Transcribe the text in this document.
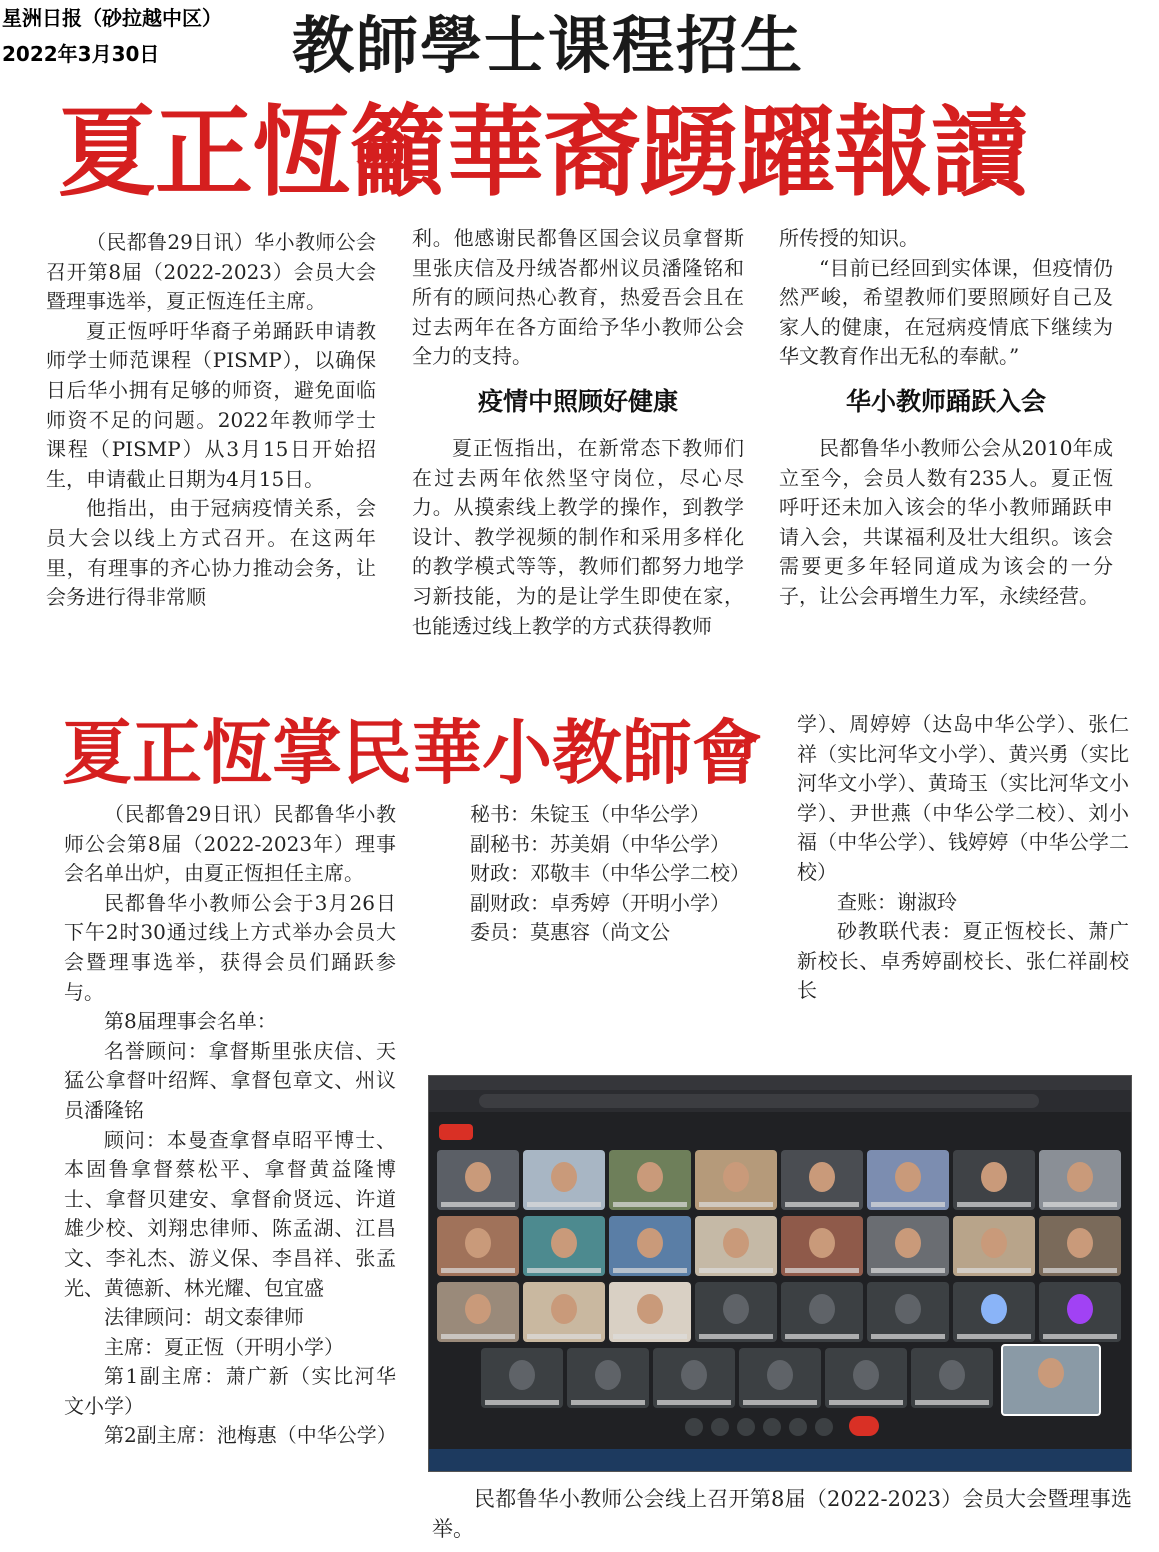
星洲日报（砂拉越中区）
2022年3月30日 教師學士课程招生
夏正恆籲華裔踴躍報讀

（民都鲁29日讯）华小教师公会召开第8届（2022-2023）会员大会暨理事选举，夏正恆连任主席。

夏正恆呼吁华裔子弟踊跃申请教师学士师范课程（PISMP），以确保日后华小拥有足够的师资，避免面临师资不足的问题。2022年教师学士课程（PISMP）从3月15日开始招生，申请截止日期为4月15日。

他指出，由于冠病疫情关系，会员大会以线上方式召开。在这两年里，有理事的齐心协力推动会务，让会务进行得非常顺

利。他感谢民都鲁区国会议员拿督斯里张庆信及丹绒峇都州议员潘隆铭和所有的顾问热心教育，热爱吾会且在过去两年在各方面给予华小教师公会全力的支持。

疫情中照顾好健康

夏正恆指出，在新常态下教师们在过去两年依然坚守岗位，尽心尽力。从摸索线上教学的操作，到教学设计、教学视频的制作和采用多样化的教学模式等等，教师们都努力地学习新技能，为的是让学生即使在家，也能透过线上教学的方式获得教师

所传授的知识。

“目前已经回到实体课，但疫情仍然严峻，希望教师们要照顾好自己及家人的健康，在冠病疫情底下继续为华文教育作出无私的奉献。”

华小教师踊跃入会

民都鲁华小教师公会从2010年成立至今，会员人数有235人。夏正恆呼吁还未加入该会的华小教师踊跃申请入会，共谋福利及壮大组织。该会需要更多年轻同道成为该会的一分子，让公会再增生力军，永续经营。

夏正恆掌民華小教師會

（民都鲁29日讯）民都鲁华小教师公会第8届（2022-2023年）理事会名单出炉，由夏正恆担任主席。

民都鲁华小教师公会于3月26日下午2时30通过线上方式举办会员大会暨理事选举，获得会员们踊跃参与。

第8届理事会名单：

名誉顾问：拿督斯里张庆信、天猛公拿督叶绍辉、拿督包章文、州议员潘隆铭

顾问：本曼查拿督卓昭平博士、本固鲁拿督蔡松平、拿督黄益隆博士、拿督贝建安、拿督俞贤远、许道雄少校、刘翔忠律师、陈孟湖、江昌文、李礼杰、游义保、李昌祥、张孟光、黄德新、林光耀、包宜盛

法律顾问：胡文泰律师

主席：夏正恆（开明小学）

第1副主席：萧广新（实比河华文小学）

第2副主席：池梅惠（中华公学）

秘书：朱锭玉（中华公学）

副秘书：苏美娟（中华公学）

财政：邓敬丰（中华公学二校）

副财政：卓秀婷（开明小学）

委员：莫惠容（尚文公

学）、周婷婷（达岛中华公学）、张仁祥（实比河华文小学）、黄兴勇（实比河华文小学）、黄琦玉（实比河华文小学）、尹世燕（中华公学二校）、刘小福（中华公学）、钱婷婷（中华公学二校）

查账：谢淑玲

砂教联代表：夏正恆校长、萧广新校长、卓秀婷副校长、张仁祥副校长

民都鲁华小教师公会线上召开第8届（2022-2023）会员大会暨理事选举。
